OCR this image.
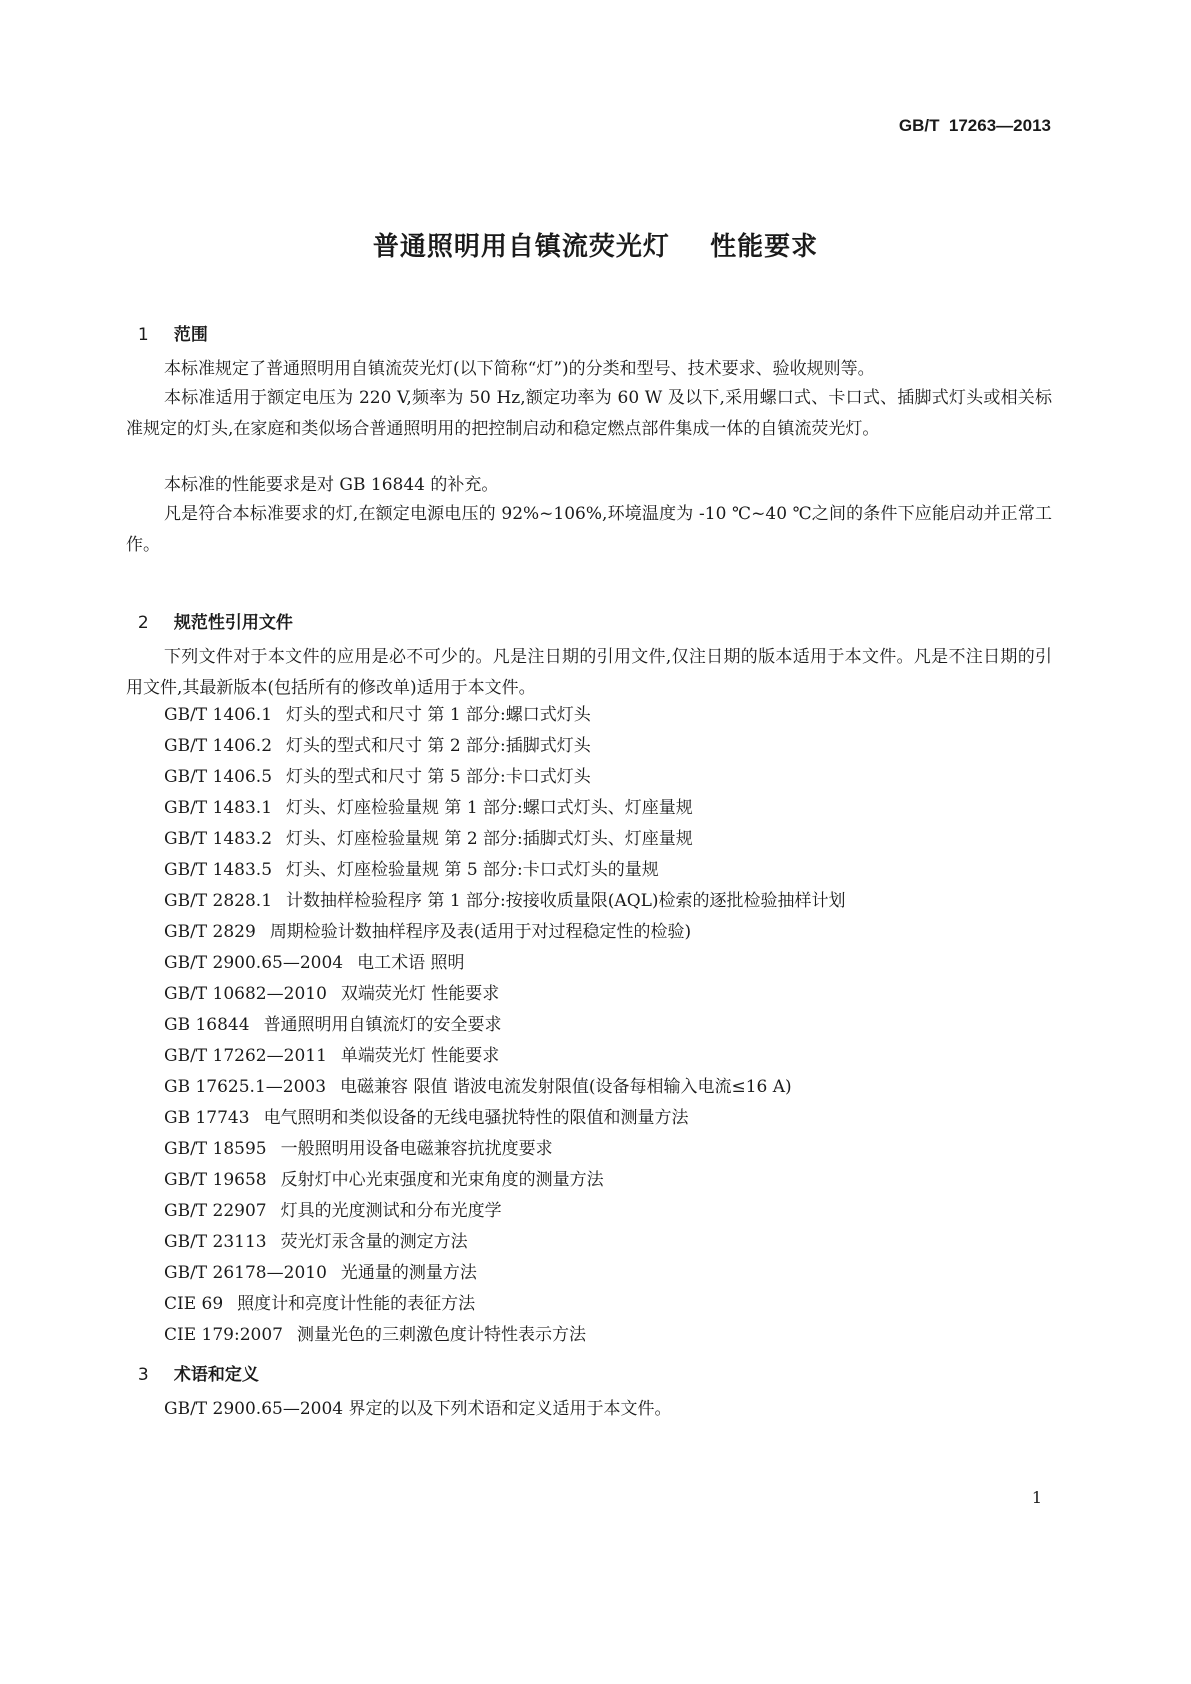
GB/T  17263—2013
普通照明用自镇流荧光灯    性能要求

1 范围

本标准规定了普通照明用自镇流荧光灯(以下简称“灯”)的分类和型号、技术要求、验收规则等。

本标准适用于额定电压为 220 V,频率为 50 Hz,额定功率为 60 W 及以下,采用螺口式、卡口式、插脚式灯头或相关标准规定的灯头,在家庭和类似场合普通照明用的把控制启动和稳定燃点部件集成一体的自镇流荧光灯。

本标准的性能要求是对 GB 16844 的补充。

凡是符合本标准要求的灯,在额定电源电压的 92%~106%,环境温度为 -10 ℃~40 ℃之间的条件下应能启动并正常工作。

2 规范性引用文件

下列文件对于本文件的应用是必不可少的。凡是注日期的引用文件,仅注日期的版本适用于本文件。凡是不注日期的引用文件,其最新版本(包括所有的修改单)适用于本文件。

GB/T 1406.1 灯头的型式和尺寸 第 1 部分:螺口式灯头
GB/T 1406.2 灯头的型式和尺寸 第 2 部分:插脚式灯头
GB/T 1406.5 灯头的型式和尺寸 第 5 部分:卡口式灯头
GB/T 1483.1 灯头、灯座检验量规 第 1 部分:螺口式灯头、灯座量规
GB/T 1483.2 灯头、灯座检验量规 第 2 部分:插脚式灯头、灯座量规
GB/T 1483.5 灯头、灯座检验量规 第 5 部分:卡口式灯头的量规
GB/T 2828.1 计数抽样检验程序 第 1 部分:按接收质量限(AQL)检索的逐批检验抽样计划
GB/T 2829 周期检验计数抽样程序及表(适用于对过程稳定性的检验)
GB/T 2900.65—2004 电工术语 照明
GB/T 10682—2010 双端荧光灯 性能要求
GB 16844 普通照明用自镇流灯的安全要求
GB/T 17262—2011 单端荧光灯 性能要求
GB 17625.1—2003 电磁兼容 限值 谐波电流发射限值(设备每相输入电流≤16 A)
GB 17743 电气照明和类似设备的无线电骚扰特性的限值和测量方法
GB/T 18595 一般照明用设备电磁兼容抗扰度要求
GB/T 19658 反射灯中心光束强度和光束角度的测量方法
GB/T 22907 灯具的光度测试和分布光度学
GB/T 23113 荧光灯汞含量的测定方法
GB/T 26178—2010 光通量的测量方法
CIE 69 照度计和亮度计性能的表征方法
CIE 179:2007 测量光色的三刺激色度计特性表示方法

3 术语和定义

GB/T 2900.65—2004 界定的以及下列术语和定义适用于本文件。

1
